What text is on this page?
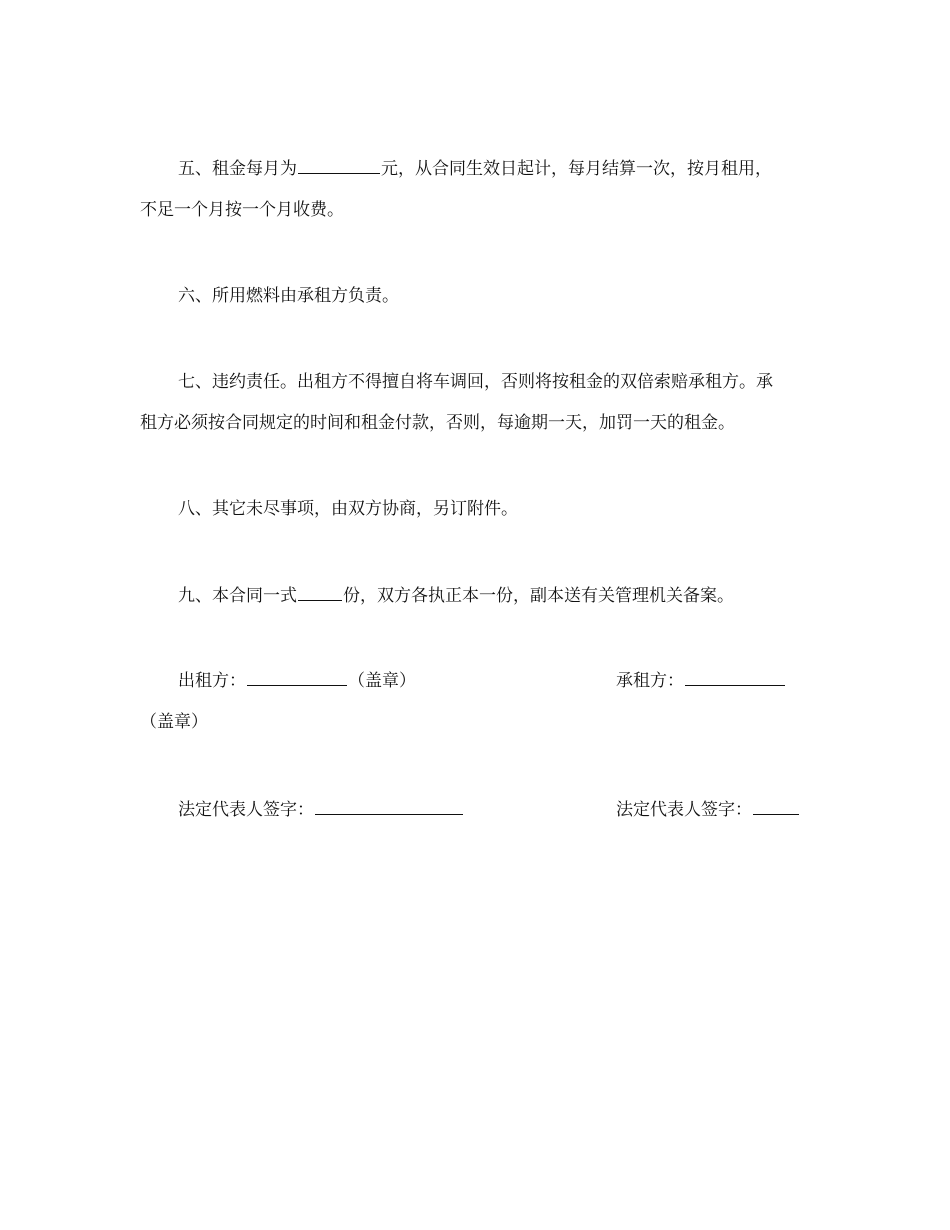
五、租金每月为	元，从合同生效日起计，每月结算一次，按月租用，
不足一个月按一个月收费。
六、所用燃料由承租方负责。
七、违约责任。出租方不得擅自将车调回，否则将按租金的双倍索赔承租方。承
租方必须按合同规定的时间和租金付款，否则，每逾期一天，加罚一天的租金。
八、其它未尽事项，由双方协商，另订附件。
九、本合同一式	份，双方各执正本一份，副本送有关管理机关备案。
出租方：	（盖章）	承租方：
（盖章）
法定代表人签字：	法定代表人签字：
